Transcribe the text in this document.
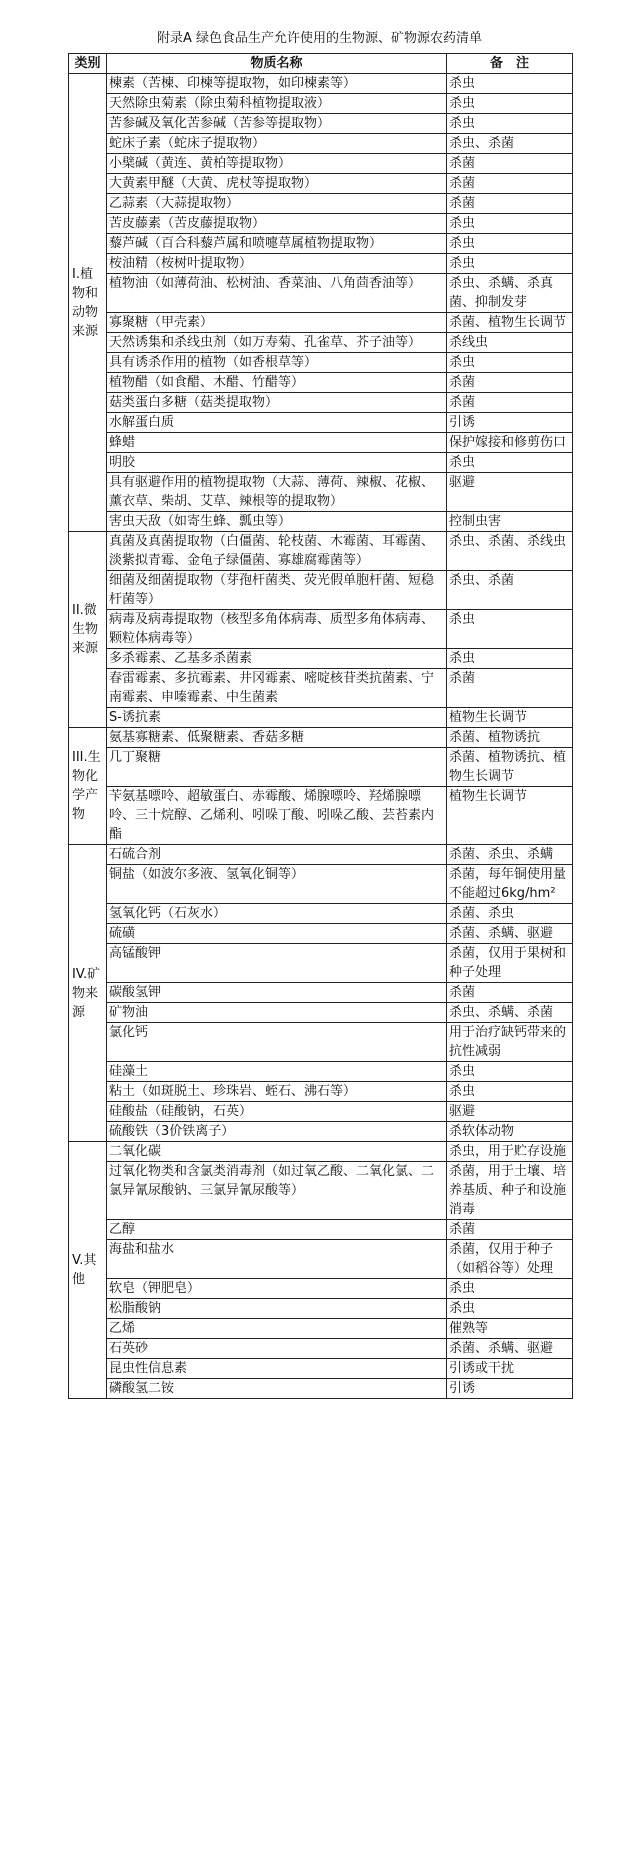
附录A 绿色食品生产允许使用的生物源、矿物源农药清单
类别	物质名称	备　注

I.植物和动物来源	楝素（苦楝、印楝等提取物，如印楝素等）	杀虫
	天然除虫菊素（除虫菊科植物提取液）	杀虫
	苦参碱及氧化苦参碱（苦参等提取物）	杀虫
	蛇床子素（蛇床子提取物）	杀虫、杀菌
	小檗碱（黄连、黄柏等提取物）	杀菌
	大黄素甲醚（大黄、虎杖等提取物）	杀菌
	乙蒜素（大蒜提取物）	杀菌
	苦皮藤素（苦皮藤提取物）	杀虫
	藜芦碱（百合科藜芦属和喷嚏草属植物提取物）	杀虫
	桉油精（桉树叶提取物）	杀虫
	植物油（如薄荷油、松树油、香菜油、八角茴香油等）	杀虫、杀螨、杀真菌、抑制发芽
	寡聚糖（甲壳素）	杀菌、植物生长调节
	天然诱集和杀线虫剂（如万寿菊、孔雀草、芥子油等）	杀线虫
	具有诱杀作用的植物（如香根草等）	杀虫
	植物醋（如食醋、木醋、竹醋等）	杀菌
	菇类蛋白多糖（菇类提取物）	杀菌
	水解蛋白质	引诱
	蜂蜡	保护嫁接和修剪伤口
	明胶	杀虫
	具有驱避作用的植物提取物（大蒜、薄荷、辣椒、花椒、薰衣草、柴胡、艾草、辣根等的提取物）	驱避
	害虫天敌（如寄生蜂、瓢虫等）	控制虫害

II.微生物来源	真菌及真菌提取物（白僵菌、轮枝菌、木霉菌、耳霉菌、淡紫拟青霉、金龟子绿僵菌、寡雄腐霉菌等）	杀虫、杀菌、杀线虫
	细菌及细菌提取物（芽孢杆菌类、荧光假单胞杆菌、短稳杆菌等）	杀虫、杀菌
	病毒及病毒提取物（核型多角体病毒、质型多角体病毒、颗粒体病毒等）	杀虫
	多杀霉素、乙基多杀菌素	杀虫
	春雷霉素、多抗霉素、井冈霉素、嘧啶核苷类抗菌素、宁南霉素、申嗪霉素、中生菌素	杀菌
	S-诱抗素	植物生长调节

III.生物化学产物	氨基寡糖素、低聚糖素、香菇多糖	杀菌、植物诱抗
	几丁聚糖	杀菌、植物诱抗、植物生长调节
	苄氨基嘌呤、超敏蛋白、赤霉酸、烯腺嘌呤、羟烯腺嘌呤、三十烷醇、乙烯利、吲哚丁酸、吲哚乙酸、芸苔素内酯	植物生长调节

IV.矿物来源	石硫合剂	杀菌、杀虫、杀螨
	铜盐（如波尔多液、氢氧化铜等）	杀菌，每年铜使用量不能超过6kg/hm²
	氢氧化钙（石灰水）	杀菌、杀虫
	硫磺	杀菌、杀螨、驱避
	高锰酸钾	杀菌，仅用于果树和种子处理
	碳酸氢钾	杀菌
	矿物油	杀虫、杀螨、杀菌
	氯化钙	用于治疗缺钙带来的抗性减弱
	硅藻土	杀虫
	粘土（如斑脱土、珍珠岩、蛭石、沸石等）	杀虫
	硅酸盐（硅酸钠，石英）	驱避
	硫酸铁（3价铁离子）	杀软体动物

V.其他	二氧化碳	杀虫，用于贮存设施
	过氧化物类和含氯类消毒剂（如过氧乙酸、二氧化氯、二氯异氰尿酸钠、三氯异氰尿酸等）	杀菌，用于土壤、培养基质、种子和设施消毒
	乙醇	杀菌
	海盐和盐水	杀菌，仅用于种子（如稻谷等）处理
	软皂（钾肥皂）	杀虫
	松脂酸钠	杀虫
	乙烯	催熟等
	石英砂	杀菌、杀螨、驱避
	昆虫性信息素	引诱或干扰
	磷酸氢二铵	引诱
